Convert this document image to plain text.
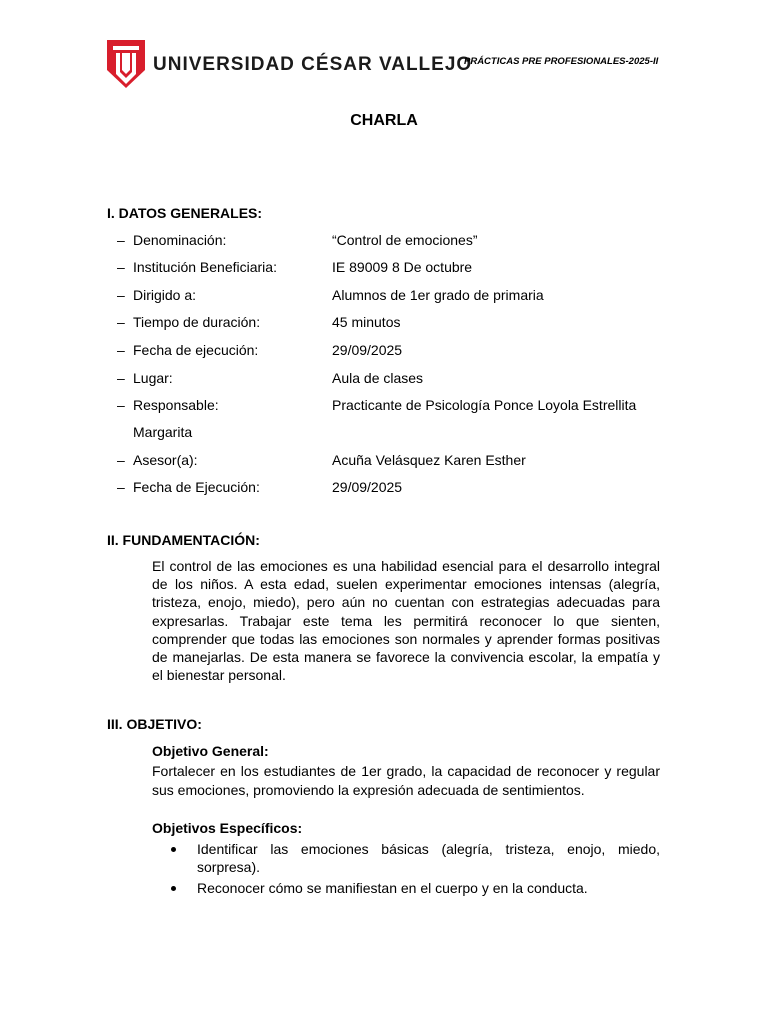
UNIVERSIDAD CÉSAR VALLEJO
PRÁCTICAS PRE PROFESIONALES-2025-II
CHARLA
I. DATOS GENERALES:
– Denominación:	“Control de emociones”
– Institución Beneficiaria:	IE 89009 8 De octubre
– Dirigido a:	Alumnos de 1er grado de primaria
– Tiempo de duración:	45 minutos
– Fecha de ejecución:	29/09/2025
– Lugar:	Aula de clases
– Responsable:	Practicante de Psicología Ponce Loyola Estrellita
Margarita
– Asesor(a):	Acuña Velásquez Karen Esther
– Fecha de Ejecución:	29/09/2025
II. FUNDAMENTACIÓN:

El control de las emociones es una habilidad esencial para el desarrollo integral de los niños. A esta edad, suelen experimentar emociones intensas (alegría, tristeza, enojo, miedo), pero aún no cuentan con estrategias adecuadas para expresarlas. Trabajar este tema les permitirá reconocer lo que sienten, comprender que todas las emociones son normales y aprender formas positivas de manejarlas. De esta manera se favorece la convivencia escolar, la empatía y el bienestar personal.

III. OBJETIVO:
Objetivo General:

Fortalecer en los estudiantes de 1er grado, la capacidad de reconocer y regular sus emociones, promoviendo la expresión adecuada de sentimientos.

Objetivos Específicos:
Identificar las emociones básicas (alegría, tristeza, enojo, miedo, sorpresa).
Reconocer cómo se manifiestan en el cuerpo y en la conducta.
